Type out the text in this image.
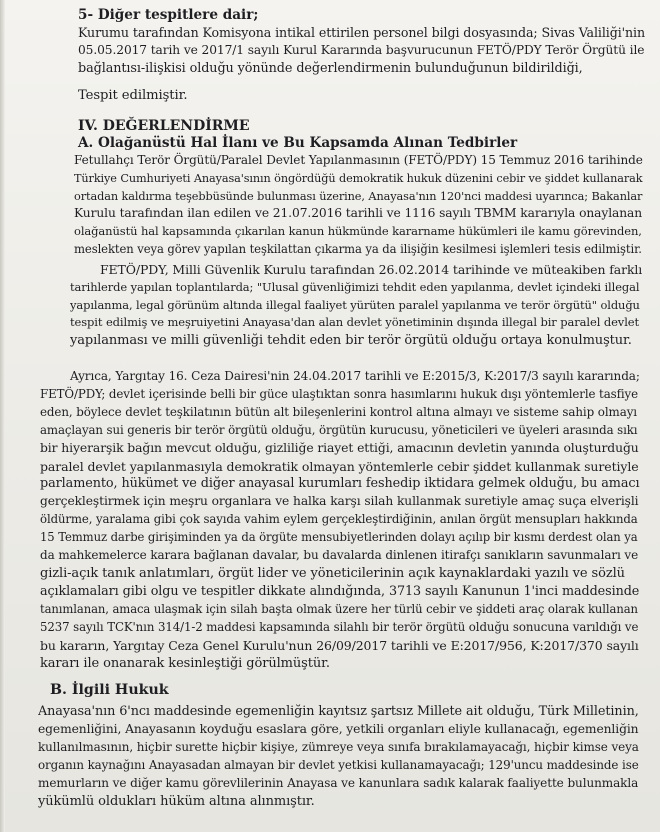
5- Diğer tespitlere dair;

Kurumu tarafından Komisyona intikal ettirilen personel bilgi dosyasında; Sivas Valiliği'nin
05.05.2017 tarih ve 2017/1 sayılı Kurul Kararında başvurucunun FETÖ/PDY Terör Örgütü ile
bağlantısı-ilişkisi olduğu yönünde değerlendirmenin bulunduğunun bildirildiği,

Tespit edilmiştir.

IV. DEĞERLENDİRME
A. Olağanüstü Hal İlanı ve Bu Kapsamda Alınan Tedbirler

Fetullahçı Terör Örgütü/Paralel Devlet Yapılanmasının (FETÖ/PDY) 15 Temmuz 2016 tarihinde
Türkiye Cumhuriyeti Anayasa'sının öngördüğü demokratik hukuk düzenini cebir ve şiddet kullanarak
ortadan kaldırma teşebbüsünde bulunması üzerine, Anayasa'nın 120'nci maddesi uyarınca; Bakanlar
Kurulu tarafından ilan edilen ve 21.07.2016 tarihli ve 1116 sayılı TBMM kararıyla onaylanan
olağanüstü hal kapsamında çıkarılan kanun hükmünde kararname hükümleri ile kamu görevinden,
meslekten veya görev yapılan teşkilattan çıkarma ya da ilişiğin kesilmesi işlemleri tesis edilmiştir.

FETÖ/PDY, Milli Güvenlik Kurulu tarafından 26.02.2014 tarihinde ve müteakiben farklı
tarihlerde yapılan toplantılarda; "Ulusal güvenliğimizi tehdit eden yapılanma, devlet içindeki illegal
yapılanma, legal görünüm altında illegal faaliyet yürüten paralel yapılanma ve terör örgütü" olduğu
tespit edilmiş ve meşruiyetini Anayasa'dan alan devlet yönetiminin dışında illegal bir paralel devlet
yapılanması ve milli güvenliği tehdit eden bir terör örgütü olduğu ortaya konulmuştur.

Ayrıca, Yargıtay 16. Ceza Dairesi'nin 24.04.2017 tarihli ve E:2015/3, K:2017/3 sayılı kararında;
FETÖ/PDY; devlet içerisinde belli bir güce ulaştıktan sonra hasımlarını hukuk dışı yöntemlerle tasfiye
eden, böylece devlet teşkilatının bütün alt bileşenlerini kontrol altına almayı ve sisteme sahip olmayı
amaçlayan sui generis bir terör örgütü olduğu, örgütün kurucusu, yöneticileri ve üyeleri arasında sıkı
bir hiyerarşik bağın mevcut olduğu, gizliliğe riayet ettiği, amacının devletin yanında oluşturduğu
paralel devlet yapılanmasıyla demokratik olmayan yöntemlerle cebir şiddet kullanmak suretiyle
parlamento, hükümet ve diğer anayasal kurumları feshedip iktidara gelmek olduğu, bu amacı
gerçekleştirmek için meşru organlara ve halka karşı silah kullanmak suretiyle amaç suça elverişli
öldürme, yaralama gibi çok sayıda vahim eylem gerçekleştirdiğinin, anılan örgüt mensupları hakkında
15 Temmuz darbe girişiminden ya da örgüte mensubiyetlerinden dolayı açılıp bir kısmı derdest olan ya
da mahkemelerce karara bağlanan davalar, bu davalarda dinlenen itirafçı sanıkların savunmaları ve
gizli-açık tanık anlatımları, örgüt lider ve yöneticilerinin açık kaynaklardaki yazılı ve sözlü
açıklamaları gibi olgu ve tespitler dikkate alındığında, 3713 sayılı Kanunun 1'inci maddesinde
tanımlanan, amaca ulaşmak için silah başta olmak üzere her türlü cebir ve şiddeti araç olarak kullanan
5237 sayılı TCK'nın 314/1-2 maddesi kapsamında silahlı bir terör örgütü olduğu sonucuna varıldığı ve
bu kararın, Yargıtay Ceza Genel Kurulu'nun 26/09/2017 tarihli ve E:2017/956, K:2017/370 sayılı
kararı ile onanarak kesinleştiği görülmüştür.

B. İlgili Hukuk

Anayasa'nın 6'ncı maddesinde egemenliğin kayıtsız şartsız Millete ait olduğu, Türk Milletinin,
egemenliğini, Anayasanın koyduğu esaslara göre, yetkili organları eliyle kullanacağı, egemenliğin
kullanılmasının, hiçbir surette hiçbir kişiye, zümreye veya sınıfa bırakılamayacağı, hiçbir kimse veya
organın kaynağını Anayasadan almayan bir devlet yetkisi kullanamayacağı; 129'uncu maddesinde ise
memurların ve diğer kamu görevlilerinin Anayasa ve kanunlara sadık kalarak faaliyette bulunmakla
yükümlü oldukları hüküm altına alınmıştır.
